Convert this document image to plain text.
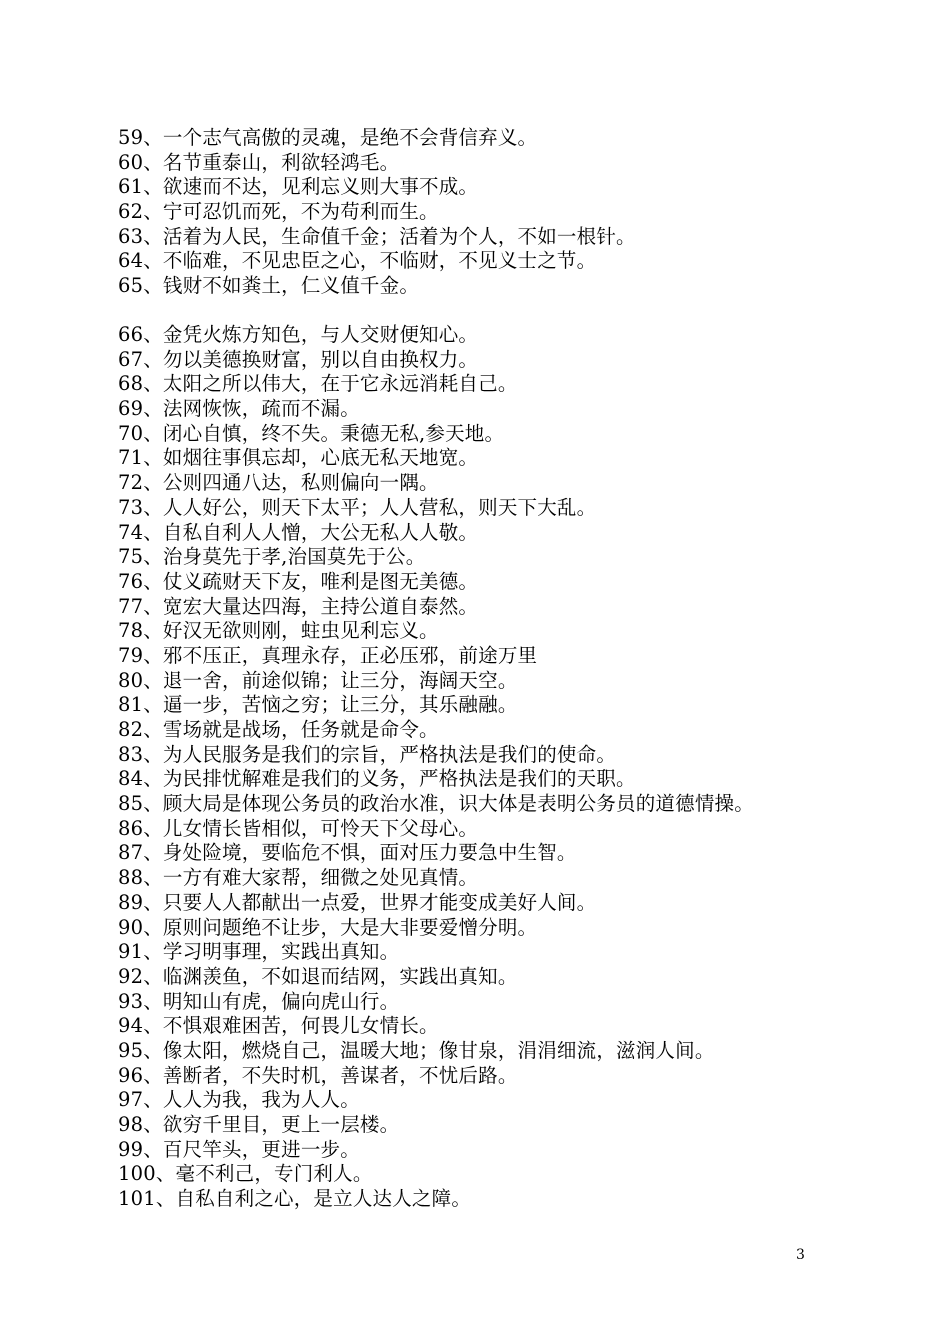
59、一个志气高傲的灵魂，是绝不会背信弃义。
60、名节重泰山，利欲轻鸿毛。
61、欲速而不达，见利忘义则大事不成。
62、宁可忍饥而死，不为苟利而生。
63、活着为人民，生命值千金；活着为个人，不如一根针。
64、不临难，不见忠臣之心，不临财，不见义士之节。
65、钱财不如粪土，仁义值千金。
66、金凭火炼方知色，与人交财便知心。
67、勿以美德换财富，别以自由换权力。
68、太阳之所以伟大，在于它永远消耗自己。
69、法网恢恢，疏而不漏。
70、闭心自慎，终不失。秉德无私,参天地。
71、如烟往事俱忘却，心底无私天地宽。
72、公则四通八达，私则偏向一隅。
73、人人好公，则天下太平；人人营私，则天下大乱。
74、自私自利人人憎，大公无私人人敬。
75、治身莫先于孝,治国莫先于公。
76、仗义疏财天下友，唯利是图无美德。
77、宽宏大量达四海，主持公道自泰然。
78、好汉无欲则刚，蛀虫见利忘义。
79、邪不压正，真理永存，正必压邪，前途万里
80、退一舍，前途似锦；让三分，海阔天空。
81、逼一步，苦恼之穷；让三分，其乐融融。
82、雪场就是战场，任务就是命令。
83、为人民服务是我们的宗旨，严格执法是我们的使命。
84、为民排忧解难是我们的义务，严格执法是我们的天职。
85、顾大局是体现公务员的政治水准，识大体是表明公务员的道德情操。
86、儿女情长皆相似，可怜天下父母心。
87、身处险境，要临危不惧，面对压力要急中生智。
88、一方有难大家帮，细微之处见真情。
89、只要人人都献出一点爱，世界才能变成美好人间。
90、原则问题绝不让步，大是大非要爱憎分明。
91、学习明事理，实践出真知。
92、临渊羡鱼，不如退而结网，实践出真知。
93、明知山有虎，偏向虎山行。
94、不惧艰难困苦，何畏儿女情长。
95、像太阳，燃烧自己，温暖大地；像甘泉，涓涓细流，滋润人间。
96、善断者，不失时机，善谋者，不忧后路。
97、人人为我，我为人人。
98、欲穷千里目，更上一层楼。
99、百尺竿头，更进一步。
100、毫不利己，专门利人。
101、自私自利之心，是立人达人之障。
3
